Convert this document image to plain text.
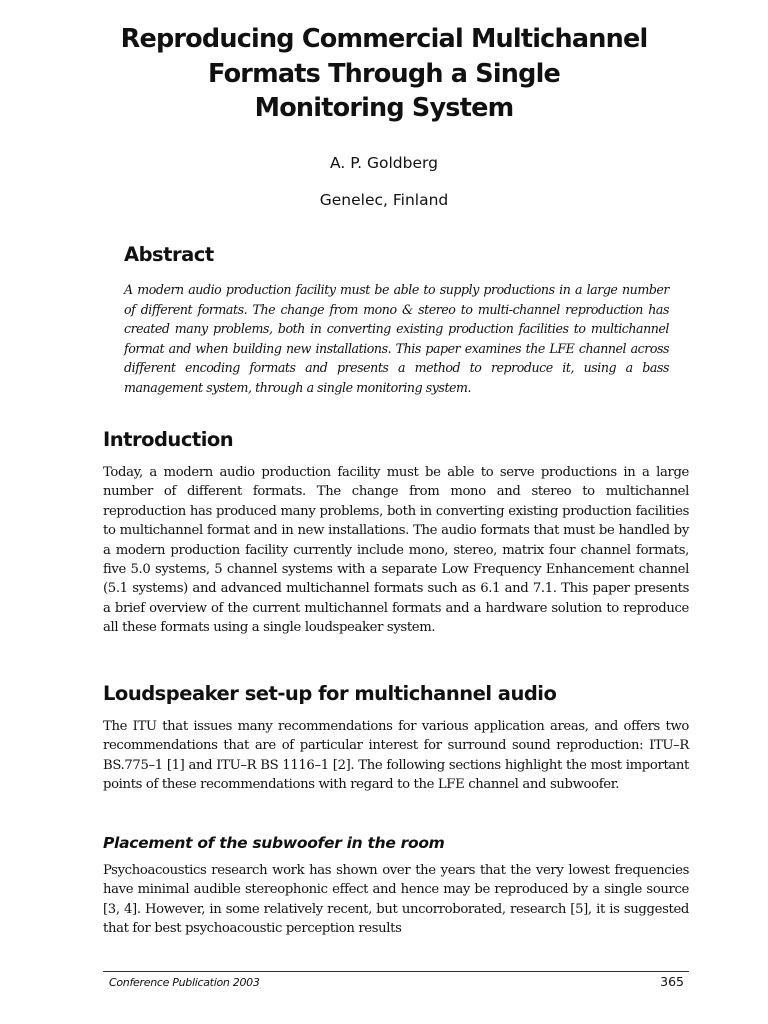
Reproducing Commercial Multichannel
Formats Through a Single
Monitoring System

A. P. Goldberg

Genelec, Finland

Abstract

A modern audio production facility must be able to supply productions in a large number of different formats. The change from mono & stereo to multi-channel reproduction has created many problems, both in converting existing production facilities to multichannel format and when building new installations. This paper examines the LFE channel across different encoding formats and presents a method to reproduce it, using a bass management system, through a single monitoring system.

Introduction

Today, a modern audio production facility must be able to serve productions in a large number of different formats. The change from mono and stereo to multichannel reproduction has produced many problems, both in converting existing production facilities to multichannel format and in new installations. The audio formats that must be handled by a modern production facility currently include mono, stereo, matrix four channel formats, five 5.0 systems, 5 channel systems with a separate Low Frequency Enhancement channel (5.1 systems) and advanced multichannel formats such as 6.1 and 7.1. This paper presents a brief overview of the current multichannel formats and a hardware solution to reproduce all these formats using a single loudspeaker system.

Loudspeaker set-up for multichannel audio

The ITU that issues many recommendations for various application areas, and offers two recommendations that are of particular interest for surround sound reproduction: ITU–R BS.775–1 [1] and ITU–R BS 1116–1 [2]. The following sections highlight the most important points of these recommendations with regard to the LFE channel and subwoofer.

Placement of the subwoofer in the room

Psychoacoustics research work has shown over the years that the very lowest frequencies have minimal audible stereophonic effect and hence may be reproduced by a single source [3, 4]. However, in some relatively recent, but uncorroborated, research [5], it is suggested that for best psychoacoustic perception results

Conference Publication 2003	365
